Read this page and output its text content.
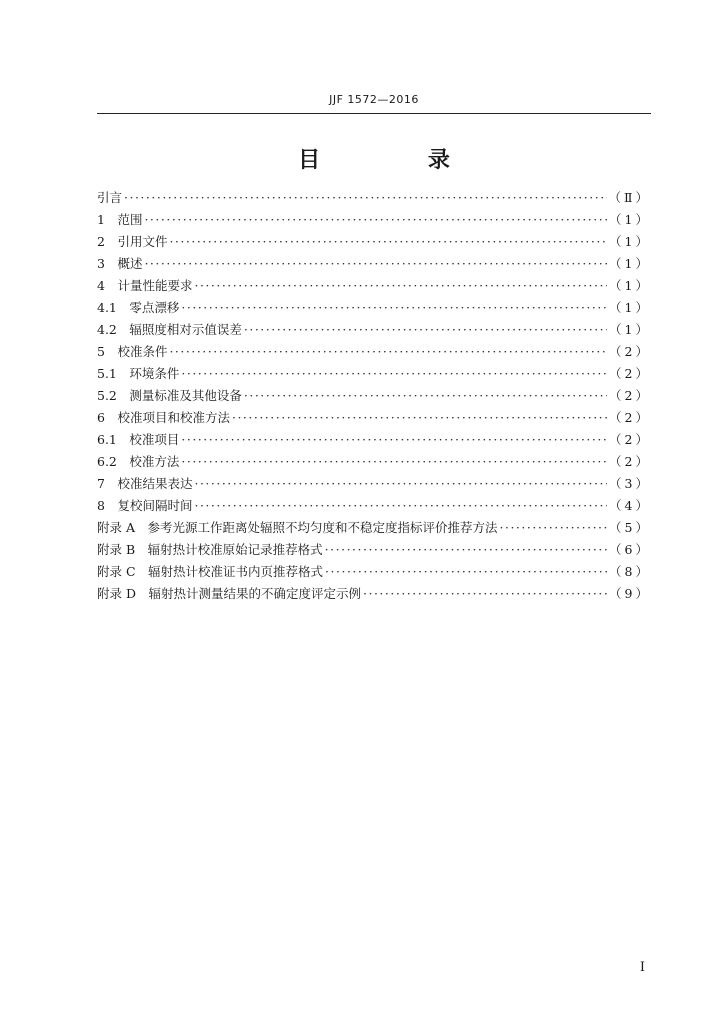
JJF 1572—2016
目 录
引言 ·····	（Ⅱ）
1　范围 ·····	（1）
2　引用文件 ·····	（1）
3　概述 ·····	（1）
4　计量性能要求 ·····	（1）
4.1　零点漂移 ·····	（1）
4.2　辐照度相对示值误差 ·····	（1）
5　校准条件 ·····	（2）
5.1　环境条件 ·····	（2）
5.2　测量标准及其他设备 ·····	（2）
6　校准项目和校准方法 ·····	（2）
6.1　校准项目 ·····	（2）
6.2　校准方法 ·····	（2）
7　校准结果表达 ·····	（3）
8　复校间隔时间 ·····	（4）
附录 A　参考光源工作距离处辐照不均匀度和不稳定度指标评价推荐方法 ·····	（5）
附录 B　辐射热计校准原始记录推荐格式 ·····	（6）
附录 C　辐射热计校准证书内页推荐格式 ·····	（8）
附录 D　辐射热计测量结果的不确定度评定示例 ·····	（9）
I
